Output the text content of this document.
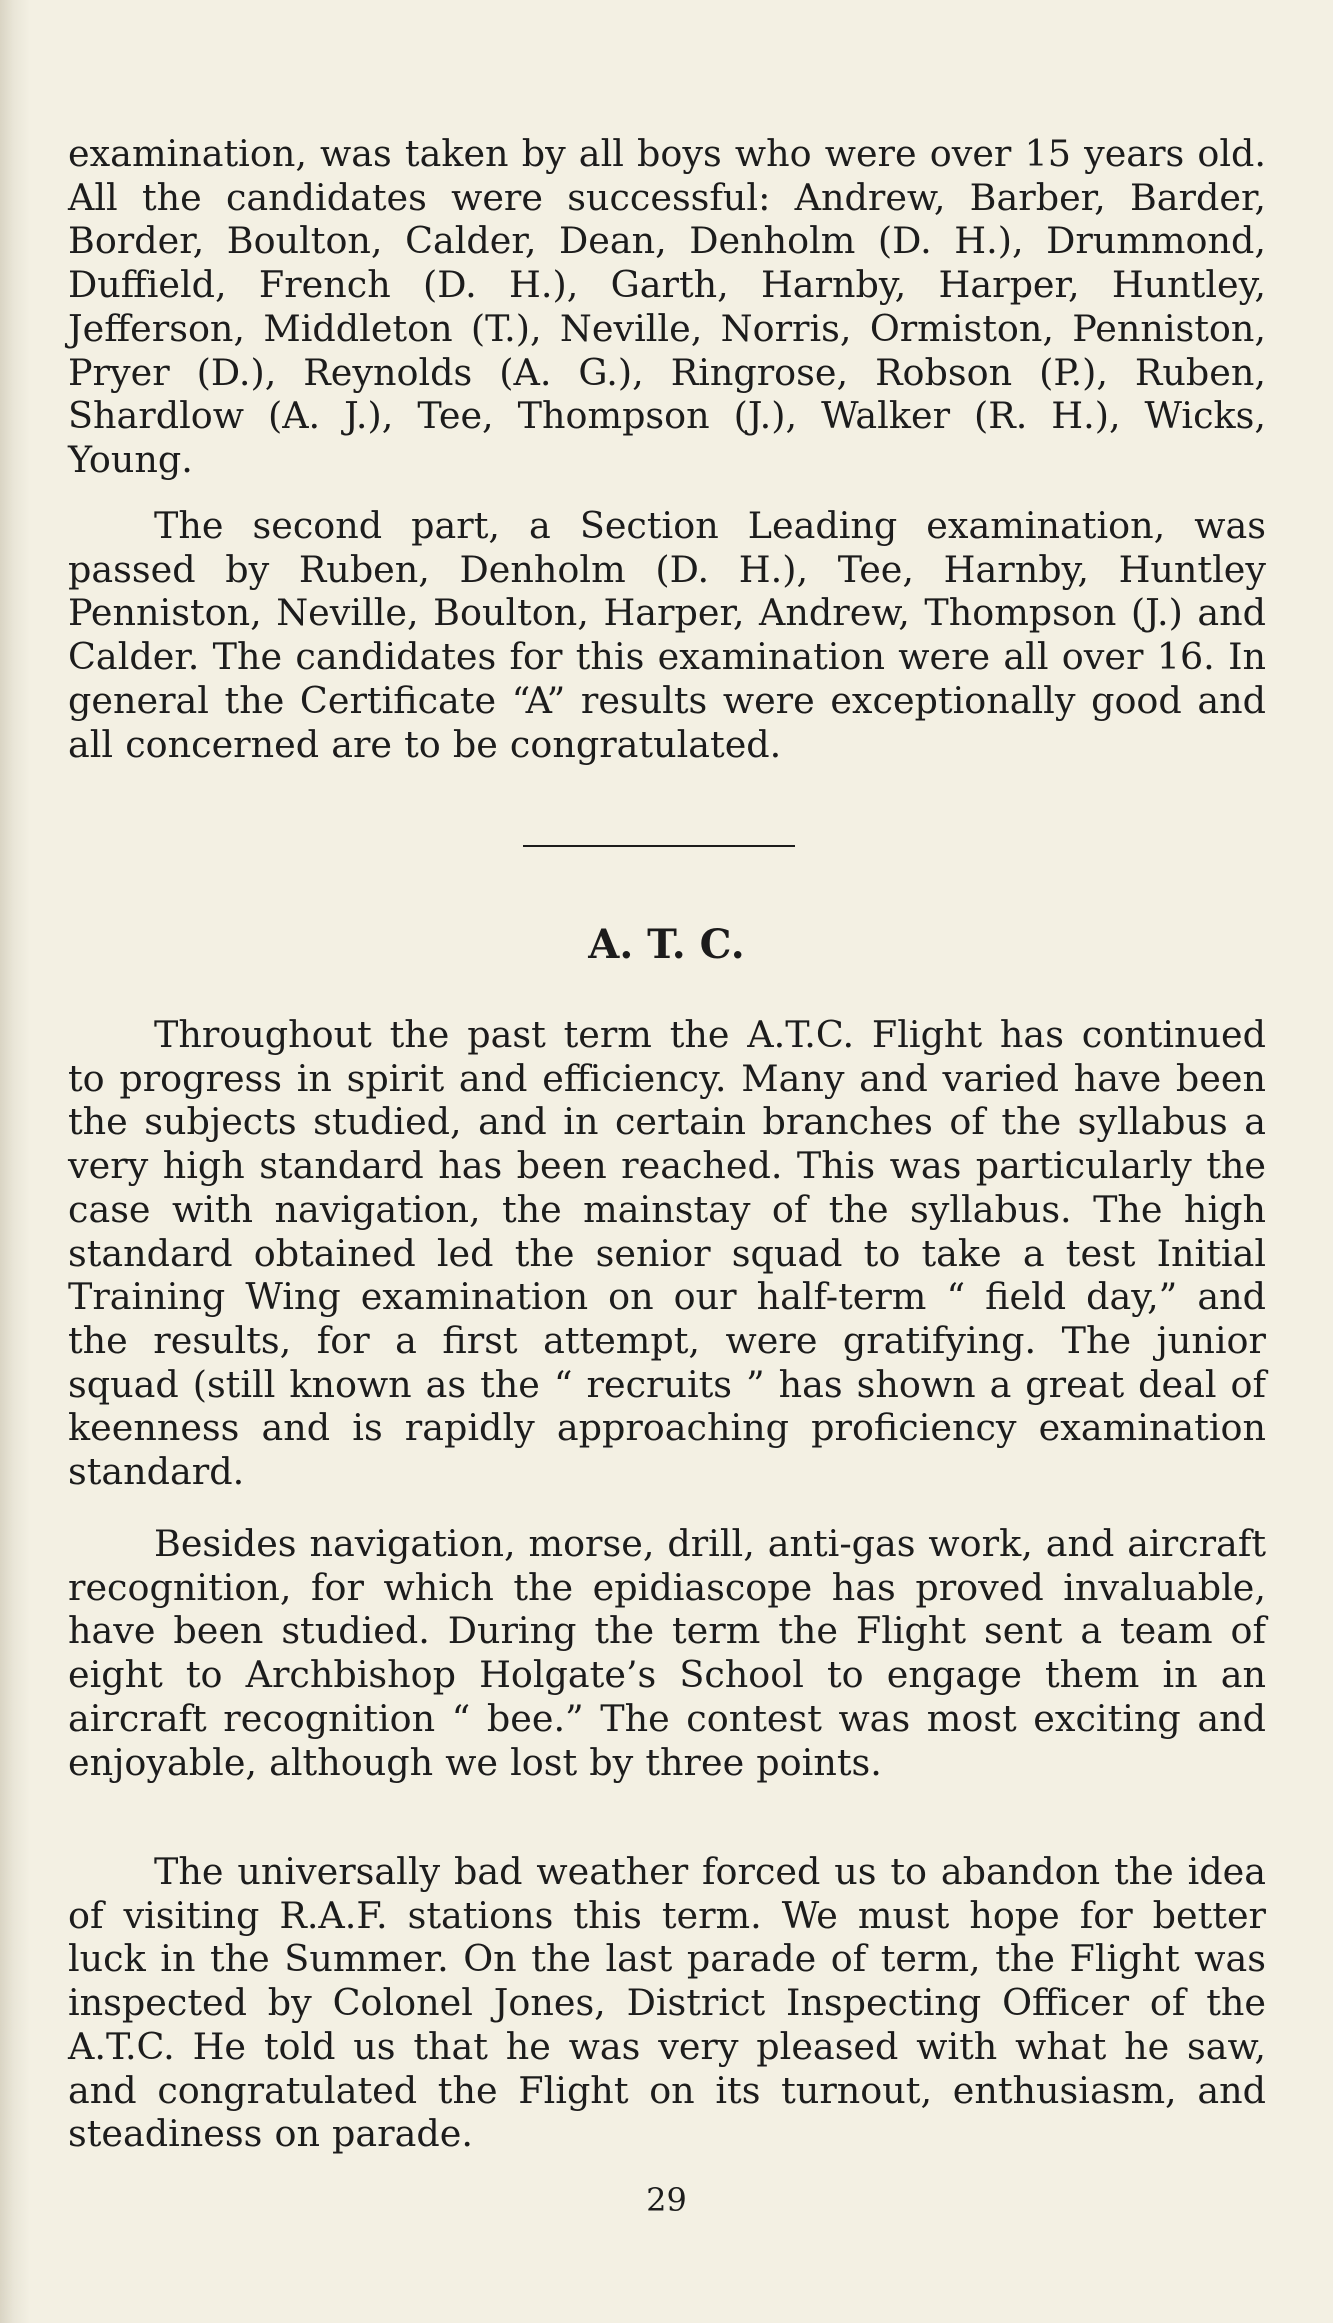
examination, was taken by all boys who were over 15 years old. All the candidates were successful: Andrew, Barber, Barder, Border, Boulton, Calder, Dean, Denholm (D. H.), Drummond, Duffield, French (D. H.), Garth, Harnby, Harper, Huntley, Jefferson, Middleton (T.), Neville, Norris, Ormiston, Penniston, Pryer (D.), Reynolds (A. G.), Ringrose, Robson (P.), Ruben, Shardlow (A. J.), Tee, Thompson (J.), Walker (R. H.), Wicks, Young.

The second part, a Section Leading examination, was passed by Ruben, Denholm (D. H.), Tee, Harnby, Huntley Penniston, Neville, Boulton, Harper, Andrew, Thompson (J.) and Calder. The candidates for this examination were all over 16. In general the Certificate “A” results were exceptionally good and all concerned are to be congratulated.

A. T. C.

Throughout the past term the A.T.C. Flight has continued to progress in spirit and efficiency. Many and varied have been the subjects studied, and in certain branches of the syllabus a very high standard has been reached. This was particularly the case with navigation, the mainstay of the syllabus. The high standard obtained led the senior squad to take a test Initial Training Wing examination on our half-term “ field day,” and the results, for a first attempt, were gratifying. The junior squad (still known as the “ recruits ” has shown a great deal of keenness and is rapidly approaching proficiency examination standard.

Besides navigation, morse, drill, anti-gas work, and aircraft recognition, for which the epidiascope has proved invaluable, have been studied. During the term the Flight sent a team of eight to Archbishop Holgate’s School to engage them in an aircraft recognition “ bee.” The contest was most exciting and enjoyable, although we lost by three points.

The universally bad weather forced us to abandon the idea of visiting R.A.F. stations this term. We must hope for better luck in the Summer. On the last parade of term, the Flight was inspected by Colonel Jones, District Inspecting Officer of the A.T.C. He told us that he was very pleased with what he saw, and congratulated the Flight on its turnout, enthusiasm, and steadiness on parade.

29
